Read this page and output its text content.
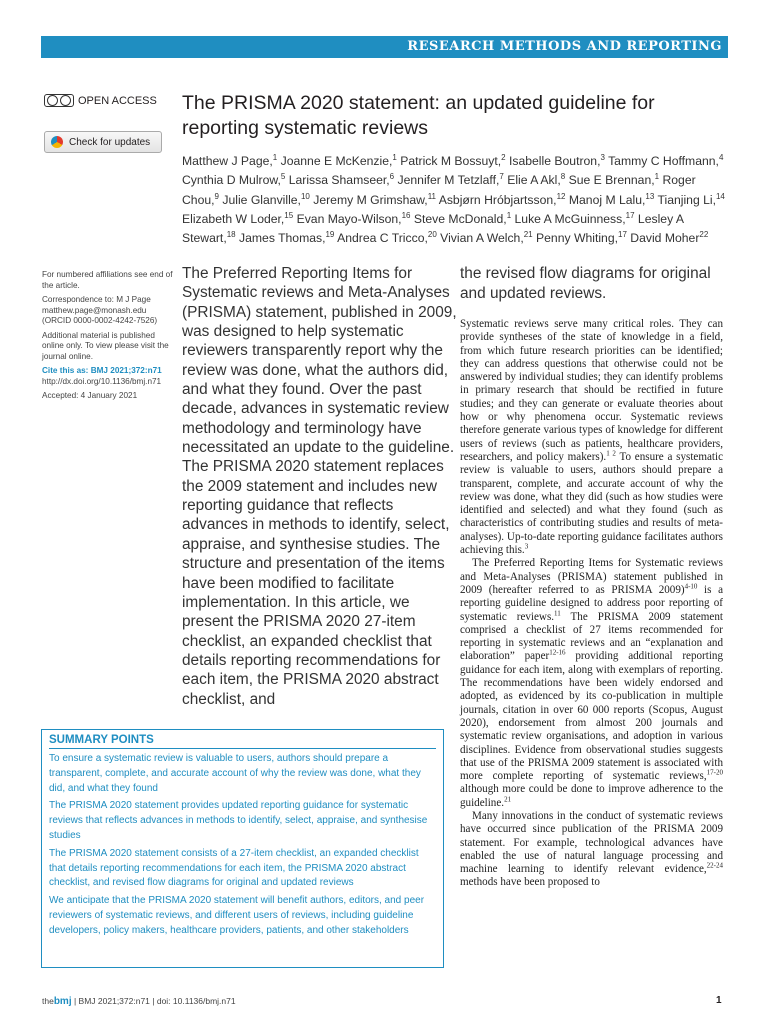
RESEARCH METHODS AND REPORTING
OPEN ACCESS
Check for updates
The PRISMA 2020 statement: an updated guideline for reporting systematic reviews
Matthew J Page,$^1$ Joanne E McKenzie,$^1$ Patrick M Bossuyt,$^2$ Isabelle Boutron,$^3$ Tammy C Hoffmann,$^4$ Cynthia D Mulrow,$^5$ Larissa Shamseer,$^6$ Jennifer M Tetzlaff,$^7$ Elie A Akl,$^8$ Sue E Brennan,$^1$ Roger Chou,$^9$ Julie Glanville,$^{10}$ Jeremy M Grimshaw,$^{11}$ Asbjørn Hróbjartsson,$^{12}$ Manoj M Lalu,$^{13}$ Tianjing Li,$^{14}$ Elizabeth W Loder,$^{15}$ Evan Mayo-Wilson,$^{16}$ Steve McDonald,$^1$ Luke A McGuinness,$^{17}$ Lesley A Stewart,$^{18}$ James Thomas,$^{19}$ Andrea C Tricco,$^{20}$ Vivian A Welch,$^{21}$ Penny Whiting,$^{17}$ David Moher$^{22}$

For numbered affiliations see end of the article.

Correspondence to: M J Page
matthew.page@monash.edu
(ORCID 0000-0002-4242-7526)

Additional material is published online only. To view please visit the journal online.

Cite this as: BMJ 2021;372:n71
http://dx.doi.org/10.1136/bmj.n71

Accepted: 4 January 2021

The Preferred Reporting Items for Systematic reviews and Meta-Analyses (PRISMA) statement, published in 2009, was designed to help systematic reviewers transparently report why the review was done, what the authors did, and what they found. Over the past decade, advances in systematic review methodology and terminology have necessitated an update to the guideline. The PRISMA 2020 statement replaces the 2009 statement and includes new reporting guidance that reflects advances in methods to identify, select, appraise, and synthesise studies. The structure and presentation of the items have been modified to facilitate implementation. In this article, we present the PRISMA 2020 27-item checklist, an expanded checklist that details reporting recommendations for each item, the PRISMA 2020 abstract checklist, and
the revised flow diagrams for original and updated reviews.

Systematic reviews serve many critical roles. They can provide syntheses of the state of knowledge in a field, from which future research priorities can be identified; they can address questions that otherwise could not be answered by individual studies; they can identify problems in primary research that should be rectified in future studies; and they can generate or evaluate theories about how or why phenomena occur. Systematic reviews therefore generate various types of knowledge for different users of reviews (such as patients, healthcare providers, researchers, and policy makers).$^{1 2}$ To ensure a systematic review is valuable to users, authors should prepare a transparent, complete, and accurate account of why the review was done, what they did (such as how studies were identified and selected) and what they found (such as characteristics of contributing studies and results of meta-analyses). Up-to-date reporting guidance facilitates authors achieving this.$^3$

The Preferred Reporting Items for Systematic reviews and Meta-Analyses (PRISMA) statement published in 2009 (hereafter referred to as PRISMA 2009)$^{4-10}$ is a reporting guideline designed to address poor reporting of systematic reviews.$^{11}$ The PRISMA 2009 statement comprised a checklist of 27 items recommended for reporting in systematic reviews and an “explanation and elaboration” paper$^{12-16}$ providing additional reporting guidance for each item, along with exemplars of reporting. The recommendations have been widely endorsed and adopted, as evidenced by its co-publication in multiple journals, citation in over 60 000 reports (Scopus, August 2020), endorsement from almost 200 journals and systematic review organisations, and adoption in various disciplines. Evidence from observational studies suggests that use of the PRISMA 2009 statement is associated with more complete reporting of systematic reviews,$^{17-20}$ although more could be done to improve adherence to the guideline.$^{21}$

Many innovations in the conduct of systematic reviews have occurred since publication of the PRISMA 2009 statement. For example, technological advances have enabled the use of natural language processing and machine learning to identify relevant evidence,$^{22-24}$ methods have been proposed to

SUMMARY POINTS

To ensure a systematic review is valuable to users, authors should prepare a transparent, complete, and accurate account of why the review was done, what they did, and what they found

The PRISMA 2020 statement provides updated reporting guidance for systematic reviews that reflects advances in methods to identify, select, appraise, and synthesise studies

The PRISMA 2020 statement consists of a 27-item checklist, an expanded checklist that details reporting recommendations for each item, the PRISMA 2020 abstract checklist, and revised flow diagrams for original and updated reviews

We anticipate that the PRISMA 2020 statement will benefit authors, editors, and peer reviewers of systematic reviews, and different users of reviews, including guideline developers, policy makers, healthcare providers, patients, and other stakeholders

thebmj | BMJ 2021;372:n71 | doi: 10.1136/bmj.n71	1
